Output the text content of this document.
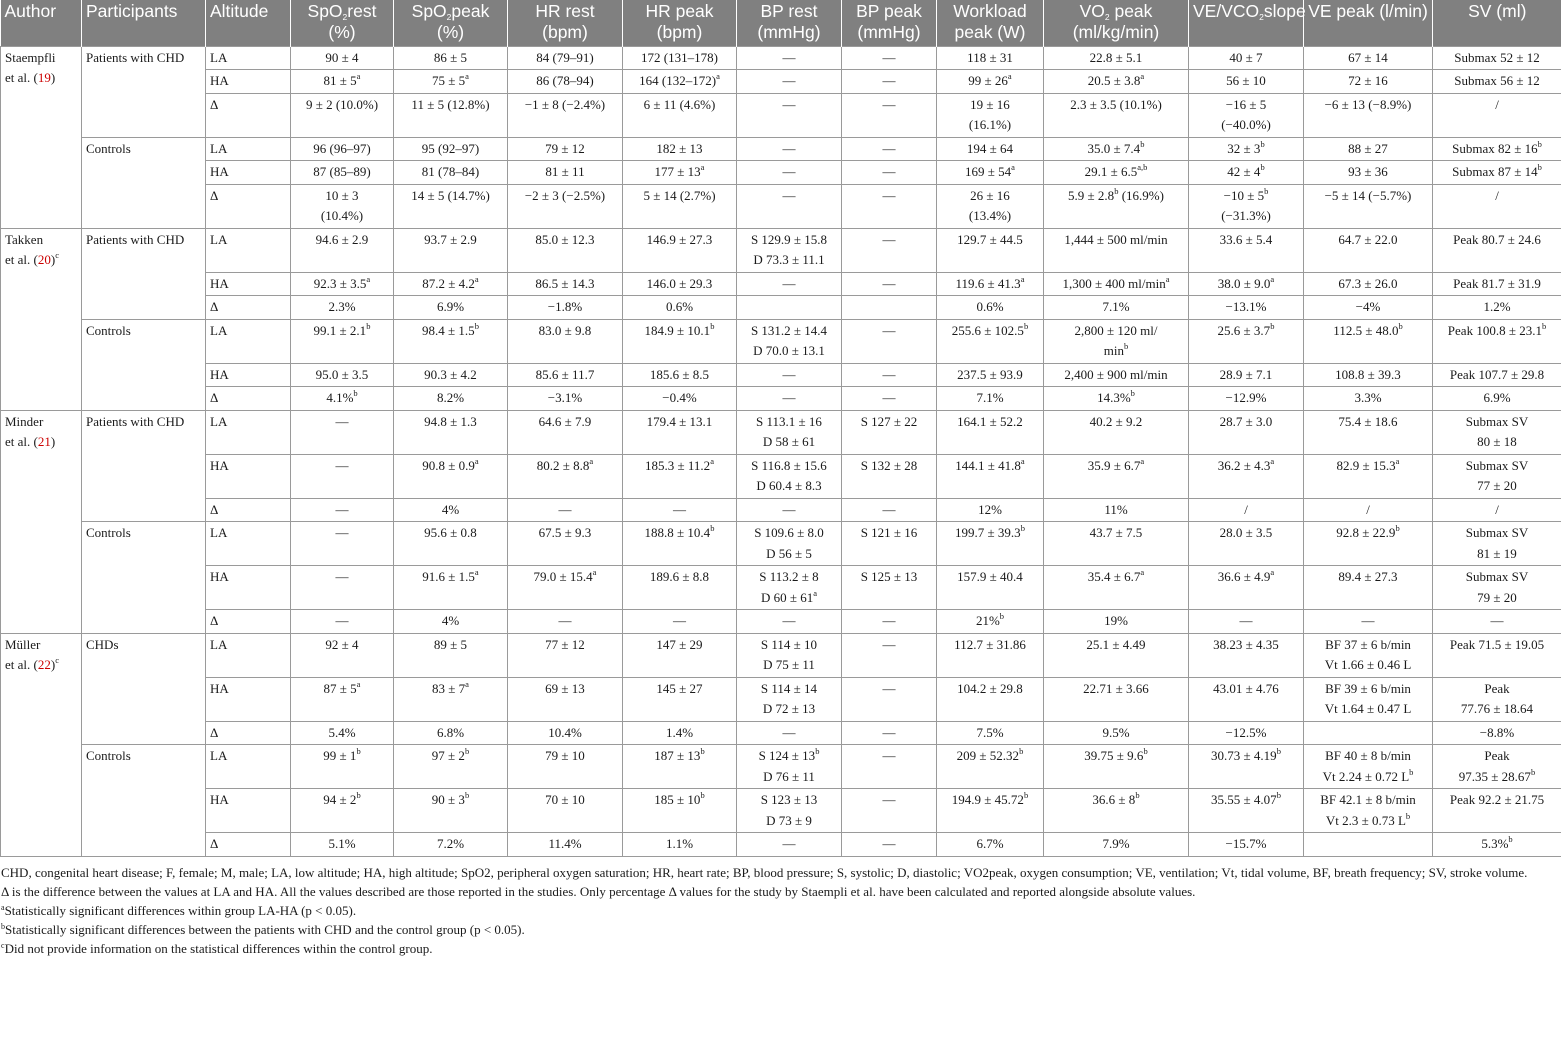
Author	Participants	Altitude	SpO$_2$rest (%)	SpO$_2$peak (%)	HR rest (bpm)	HR peak (bpm)	BP rest (mmHg)	BP peak (mmHg)	Workload peak (W)	$VO_2$ peak (ml/kg/min)	$VE/VCO_2slope$	VE peak (l/min)	SV (ml)
Staempfli
et al. (19)	Patients with CHD	LA	90 ± 4	86 ± 5	84 (79–91)	172 (131–178)	—	—	118 ± 31	22.8 ± 5.1	40 ± 7	67 ± 14	Submax 52 ± 12
		HA	$81 \pm 5^a$	$75 \pm 5^a$	86 (78–94)	164 $(132-172)^a$	—	—	$99 \pm 26^a$	20.5 ± 3.8$^a$	56 ± 10	72 ± 16	Submax 56 ± 12
		Δ	9 ± 2 (10.0%)	11 ± 5 (12.8%)	−1 ± 8 (−2.4%)	6 ± 11 (4.6%)	—	—	19 ± 16
(16.1%)	2.3 ± 3.5 (10.1%)	−16 ± 5
(−40.0%)	−6 ± 13 (−8.9%)	/
	Controls	LA	96 (96–97)	95 (92–97)	79 ± 12	182 ± 13	—	—	194 ± 64	35.0 ± 7.4$^b$	$32 \pm 3^b$	88 ± 27	Submax $82 \pm 16^b$
		HA	87 (85–89)	81 (78–84)	81 ± 11	$177 \pm 13^a$	—	—	$169 \pm 54^a$	$29.1 \pm 6.5^{a,b}$	$42 \pm 4^b$	93 ± 36	Submax $87 \pm 14^b$
		Δ	10 ± 3
(10.4%)	14 ± 5 (14.7%)	−2 ± 3 (−2.5%)	5 ± 14 (2.7%)	—	—	26 ± 16
(13.4%)	5.9 ± 2.8$^b$ (16.9%)	$-10 \pm 5^b$
(−31.3%)	−5 ± 14 (−5.7%)	/
Takken
et al. $(20)^c$	Patients with CHD	LA	94.6 ± 2.9	93.7 ± 2.9	85.0 ± 12.3	146.9 ± 27.3	S 129.9 ± 15.8
D 73.3 ± 11.1	—	129.7 ± 44.5	1,444 ± 500 ml/min	33.6 ± 5.4	64.7 ± 22.0	Peak 80.7 ± 24.6
		HA	92.3 ± 3.5$^a$	87.2 ± 4.2$^a$	86.5 ± 14.3	146.0 ± 29.3	—	—	119.6 ± 41.3$^a$	1,300 ± 400 $ml/\min^a$	38.0 ± 9.0$^a$	67.3 ± 26.0	Peak 81.7 ± 31.9
		Δ	2.3%	6.9%	−1.8%	0.6%			0.6%	7.1%	−13.1%	−4%	1.2%
	Controls	LA	99.1 ± 2.1$^b$	98.4 ± 1.5$^b$	83.0 ± 9.8	184.9 ± 10.1$^b$	S 131.2 ± 14.4
D 70.0 ± 13.1	—	255.6 ± 102.5$^b$	2,800 ± 120 ml/
$\min^b$	25.6 ± 3.7$^b$	112.5 ± 48.0$^b$	Peak 100.8 ± 23.1$^b$
		HA	95.0 ± 3.5	90.3 ± 4.2	85.6 ± 11.7	185.6 ± 8.5	—	—	237.5 ± 93.9	2,400 ± 900 ml/min	28.9 ± 7.1	108.8 ± 39.3	Peak 107.7 ± 29.8
		Δ	4.1%$^b$	8.2%	−3.1%	−0.4%	—	—	7.1%	14.3%$^b$	−12.9%	3.3%	6.9%
Minder
et al. (21)	Patients with CHD	LA	—	94.8 ± 1.3	64.6 ± 7.9	179.4 ± 13.1	S 113.1 ± 16
D 58 ± 61	S 127 ± 22	164.1 ± 52.2	40.2 ± 9.2	28.7 ± 3.0	75.4 ± 18.6	Submax SV
80 ± 18
		HA	—	90.8 ± 0.9$^a$	80.2 ± 8.8$^a$	185.3 ± 11.2$^a$	S 116.8 ± 15.6
D 60.4 ± 8.3	S 132 ± 28	144.1 ± 41.8$^a$	35.9 ± 6.7$^a$	36.2 ± 4.3$^a$	82.9 ± 15.3$^a$	Submax SV
77 ± 20
		Δ	—	4%	—	—	—	—	12%	11%	/	/	/
	Controls	LA	—	95.6 ± 0.8	67.5 ± 9.3	188.8 ± 10.4$^b$	S 109.6 ± 8.0
D 56 ± 5	S 121 ± 16	199.7 ± 39.3$^b$	43.7 ± 7.5	28.0 ± 3.5	92.8 ± 22.9$^b$	Submax SV
81 ± 19
		HA	—	91.6 ± 1.5$^a$	79.0 ± 15.4$^a$	189.6 ± 8.8	S 113.2 ± 8
D $60 \pm 61^a$	S 125 ± 13	157.9 ± 40.4	35.4 ± 6.7$^a$	36.6 ± 4.9$^a$	89.4 ± 27.3	Submax SV
79 ± 20
		Δ	—	4%	—	—	—	—	21%$^b$	19%	—	—	—
Müller
et al. $(22)^c$	CHDs	LA	92 ± 4	89 ± 5	77 ± 12	147 ± 29	S 114 ± 10
D 75 ± 11	—	112.7 ± 31.86	25.1 ± 4.49	38.23 ± 4.35	BF 37 ± 6 b/min
Vt 1.66 ± 0.46 L	Peak 71.5 ± 19.05
		HA	$87 \pm 5^a$	$83 \pm 7^a$	69 ± 13	145 ± 27	S 114 ± 14
D 72 ± 13	—	104.2 ± 29.8	22.71 ± 3.66	43.01 ± 4.76	BF 39 ± 6 b/min
Vt 1.64 ± 0.47 L	Peak
77.76 ± 18.64
		Δ	5.4%	6.8%	10.4%	1.4%	—	—	7.5%	9.5%	−12.5%		−8.8%
	Controls	LA	$99 \pm 1^b$	$97 \pm 2^b$	79 ± 10	$187 \pm 13^b$	S $124 \pm 13^b$
D 76 ± 11	—	209 ± 52.32$^b$	39.75 ± 9.6$^b$	30.73 ± 4.19$^b$	BF 40 ± 8 b/min
Vt 2.24 ± 0.72 $L^b$	Peak
97.35 ± 28.67$^b$
		HA	$94 \pm 2^b$	$90 \pm 3^b$	70 ± 10	$185 \pm 10^b$	S 123 ± 13
D 73 ± 9	—	194.9 ± 45.72$^b$	$36.6 \pm 8^b$	35.55 ± 4.07$^b$	BF 42.1 ± 8 b/min
Vt 2.3 ± 0.73 $L^b$	Peak 92.2 ± 21.75
		Δ	5.1%	7.2%	11.4%	1.1%	—	—	6.7%	7.9%	−15.7%		5.3%$^b$

CHD, congenital heart disease; F, female; M, male; LA, low altitude; HA, high altitude; SpO2, peripheral oxygen saturation; HR, heart rate; BP, blood pressure; S, systolic; D, diastolic; VO2peak, oxygen consumption; VE, ventilation; Vt, tidal volume, BF, breath frequency; SV, stroke volume.

Δ is the difference between the values at LA and HA. All the values described are those reported in the studies. Only percentage Δ values for the study by Staempli et al. have been calculated and reported alongside absolute values.

$^a$Statistically significant differences within group LA-HA (p < 0.05).

$^b$Statistically significant differences between the patients with CHD and the control group (p < 0.05).

$^c$Did not provide information on the statistical differences within the control group.
